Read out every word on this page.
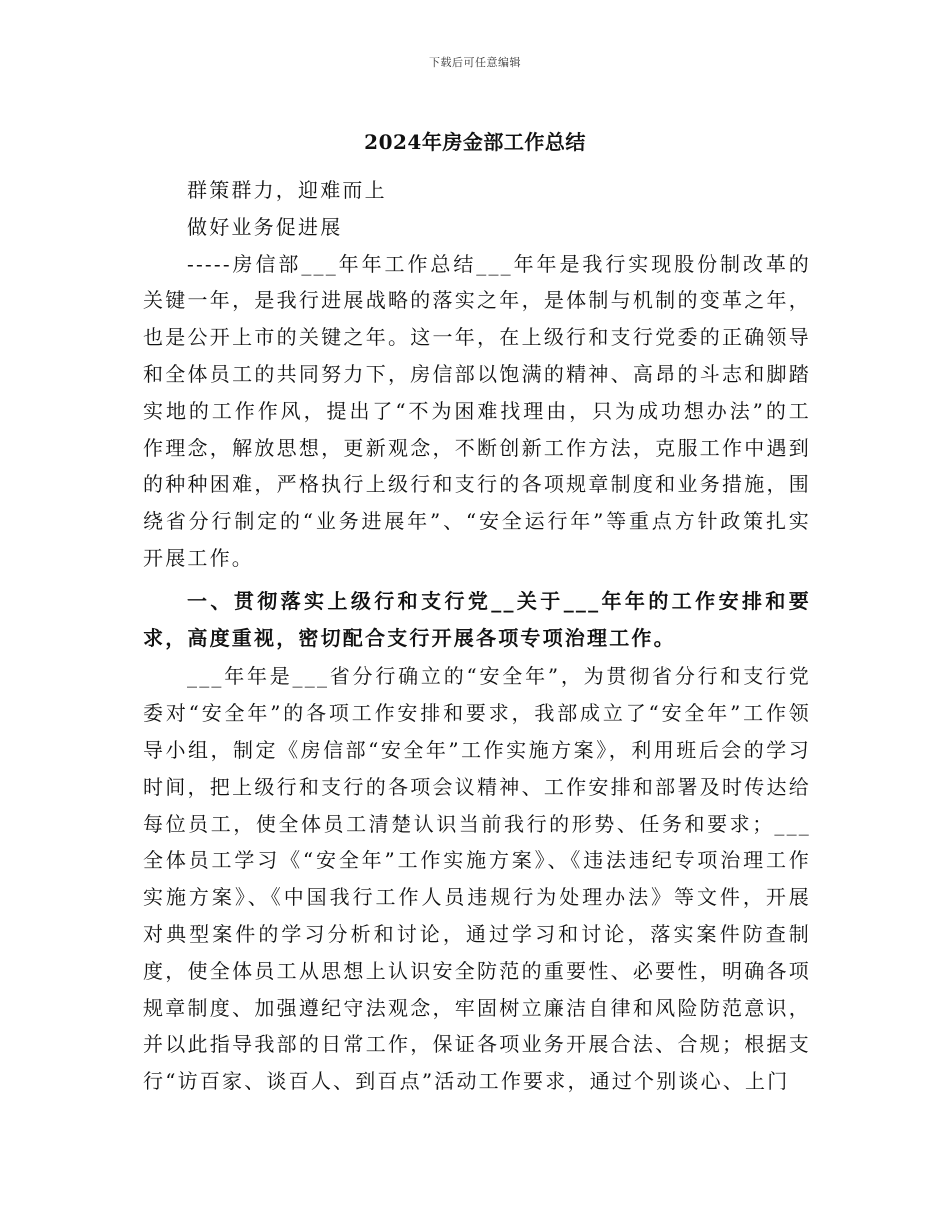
下载后可任意编辑
2024年房金部工作总结

群策群力，迎难而上

做好业务促进展

-----房信部___年年工作总结___年年是我行实现股份制改革的关键一年，是我行进展战略的落实之年，是体制与机制的变革之年，也是公开上市的关键之年。这一年，在上级行和支行党委的正确领导和全体员工的共同努力下，房信部以饱满的精神、高昂的斗志和脚踏实地的工作作风，提出了“不为困难找理由，只为成功想办法”的工作理念，解放思想，更新观念，不断创新工作方法，克服工作中遇到的种种困难，严格执行上级行和支行的各项规章制度和业务措施，围绕省分行制定的“业务进展年”、“安全运行年”等重点方针政策扎实开展工作。

一、贯彻落实上级行和支行党__关于___年年的工作安排和要求，高度重视，密切配合支行开展各项专项治理工作。

___年年是___省分行确立的“安全年”，为贯彻省分行和支行党委对“安全年”的各项工作安排和要求，我部成立了“安全年”工作领导小组，制定《房信部“安全年”工作实施方案》，利用班后会的学习时间，把上级行和支行的各项会议精神、工作安排和部署及时传达给每位员工，使全体员工清楚认识当前我行的形势、任务和要求；___全体员工学习《“安全年”工作实施方案》、《违法违纪专项治理工作实施方案》、《中国我行工作人员违规行为处理办法》等文件，开展对典型案件的学习分析和讨论，通过学习和讨论，落实案件防查制度，使全体员工从思想上认识安全防范的重要性、必要性，明确各项规章制度、加强遵纪守法观念，牢固树立廉洁自律和风险防范意识，并以此指导我部的日常工作，保证各项业务开展合法、合规；根据支行“访百家、谈百人、到百点”活动工作要求，通过个别谈心、上门
